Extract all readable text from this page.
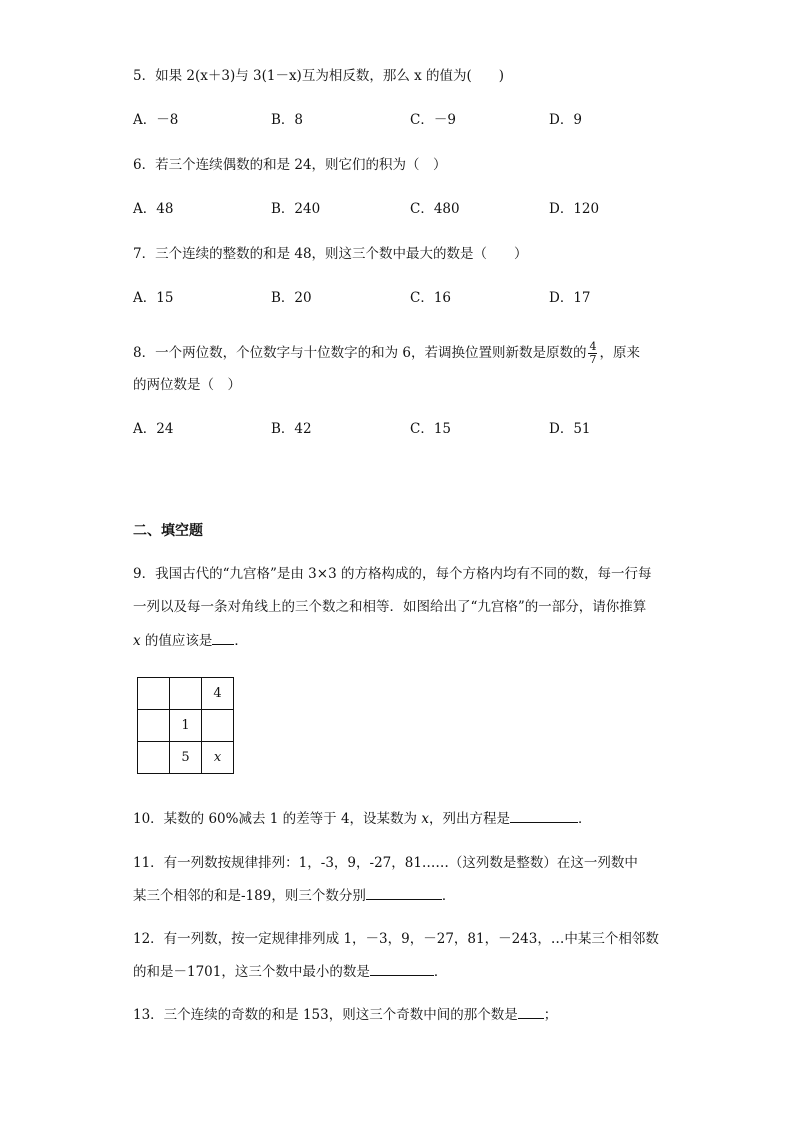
5．如果 2(x＋3)与 3(1－x)互为相反数，那么 x 的值为(　　)
A．－8	B．8	C．－9	D．9
6．若三个连续偶数的和是 24，则它们的积为（　）
A．48	B．240	C．480	D．120
7．三个连续的整数的和是 48，则这三个数中最大的数是（　　）
A．15	B．20	C．16	D．17
8．一个两位数，个位数字与十位数字的和为 6，若调换位置则新数是原数的 $\frac{4}{7}$ ，原来
的两位数是（　）
A．24	B．42	C．15	D．51
二、填空题
9．我国古代的“九宫格”是由 3×3 的方格构成的，每个方格内均有不同的数，每一行每
一列以及每一条对角线上的三个数之和相等．如图给出了“九宫格”的一部分，请你推算
x 的值应该是 ．
		4
	1	
	5	x
10．某数的 60%减去 1 的差等于 4，设某数为 x，列出方程是	．
11．有一列数按规律排列：1，-3，9，-27，81……（这列数是整数）在这一列数中
某三个相邻的和是-189，则三个数分别	．
12．有一列数，按一定规律排列成 1，－3，9，－27，81，－243，…中某三个相邻数
的和是－1701，这三个数中最小的数是	．
13．三个连续的奇数的和是 153，则这三个奇数中间的那个数是 ；
